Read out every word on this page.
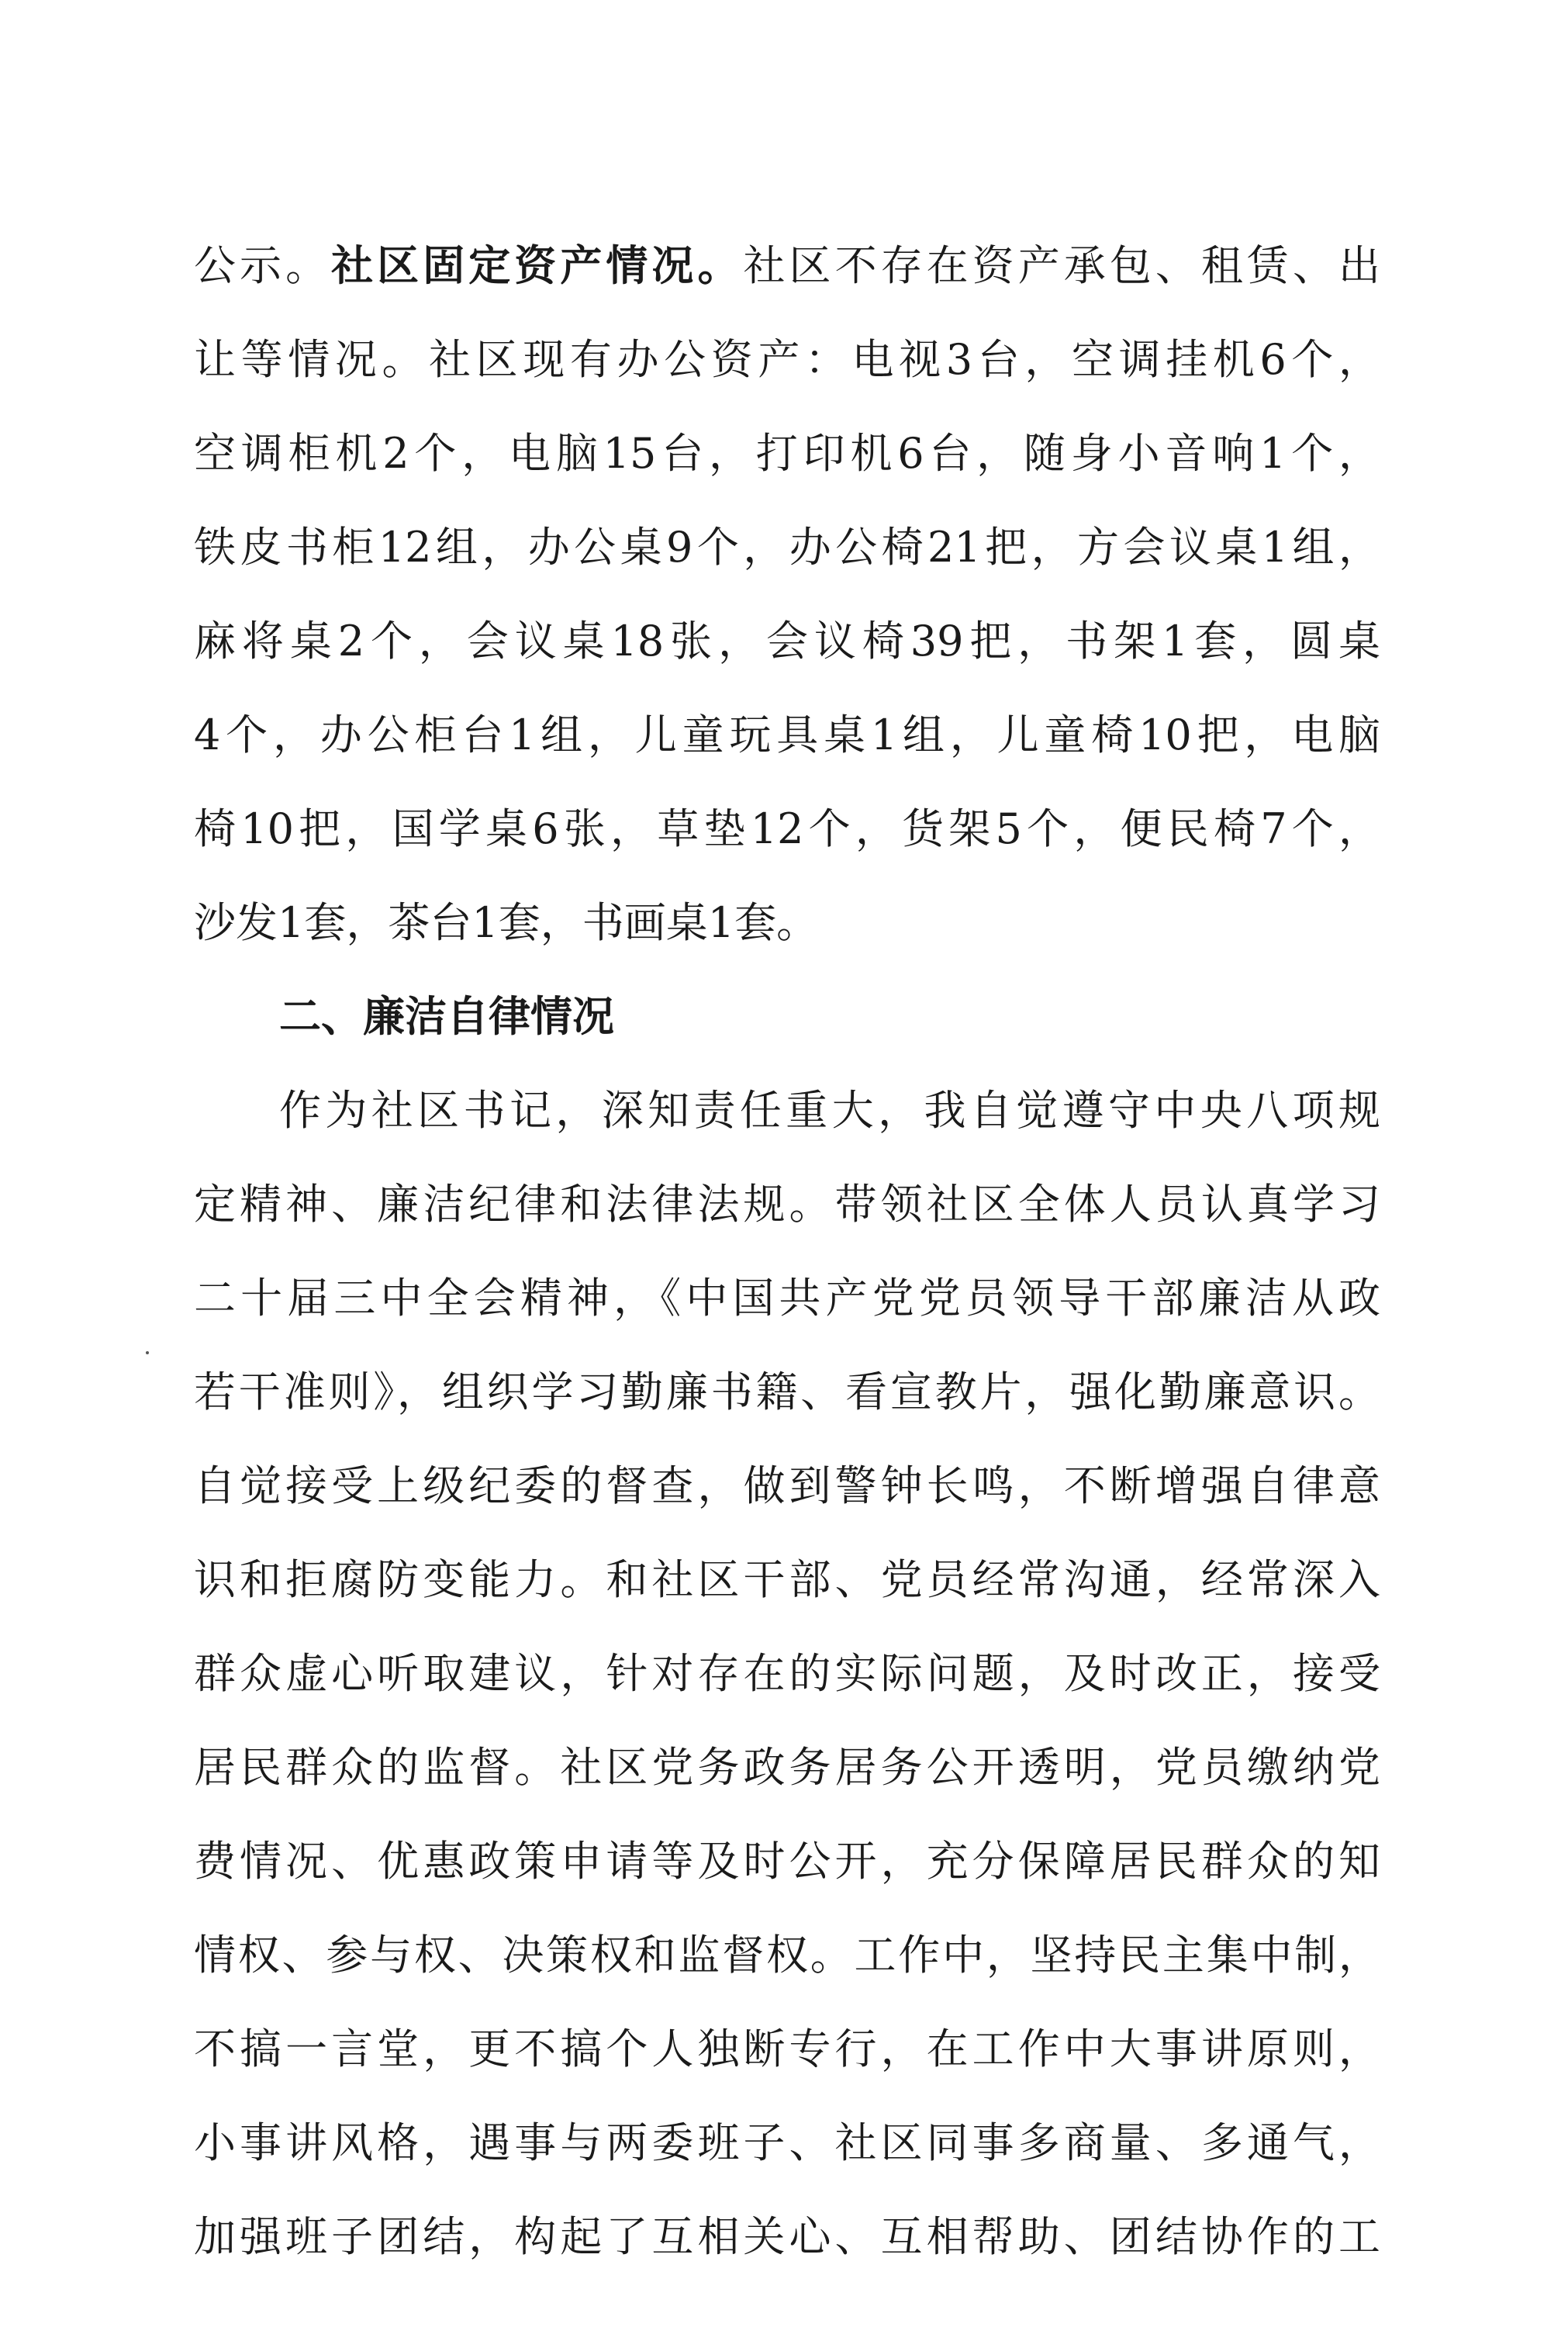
公示。社区固定资产情况。社区不存在资产承包、租赁、出
让等情况。社区现有办公资产：电视3台，空调挂机6个，
空调柜机2个，电脑15台，打印机6台，随身小音响1个，
铁皮书柜12组，办公桌9个，办公椅21把，方会议桌1组，
麻将桌2个，会议桌18张，会议椅39把，书架1套，圆桌
4个，办公柜台1组，儿童玩具桌1组，儿童椅10把，电脑
椅10把，国学桌6张，草垫12个，货架5个，便民椅7个，
沙发1套，茶台1套，书画桌1套。
二、廉洁自律情况
作为社区书记，深知责任重大，我自觉遵守中央八项规
定精神、廉洁纪律和法律法规。带领社区全体人员认真学习
二十届三中全会精神，《中国共产党党员领导干部廉洁从政
若干准则》，组织学习勤廉书籍、看宣教片，强化勤廉意识。
自觉接受上级纪委的督查，做到警钟长鸣，不断增强自律意
识和拒腐防变能力。和社区干部、党员经常沟通，经常深入
群众虚心听取建议，针对存在的实际问题，及时改正，接受
居民群众的监督。社区党务政务居务公开透明，党员缴纳党
费情况、优惠政策申请等及时公开，充分保障居民群众的知
情权、参与权、决策权和监督权。工作中，坚持民主集中制，
不搞一言堂，更不搞个人独断专行，在工作中大事讲原则，
小事讲风格，遇事与两委班子、社区同事多商量、多通气，
加强班子团结，构起了互相关心、互相帮助、团结协作的工
